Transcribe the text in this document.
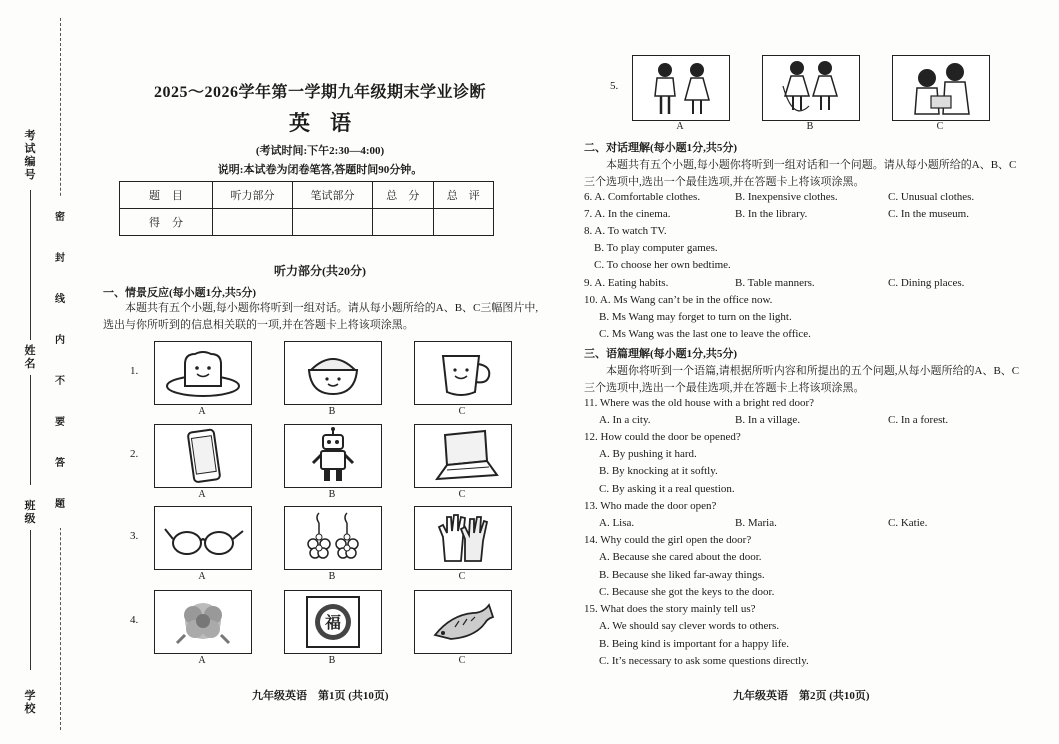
考试编号
姓名
班级
学校
密封线内不要答题
2025～2026学年第一学期九年级期末学业诊断
英语
(考试时间:下午2:30—4:00)
说明:本试卷为闭卷笔答,答题时间90分钟。
题目	听力部分	笔试部分	总　分	总　评
得分				
听力部分(共20分)
一、情景反应(每小题1分,共5分)
本题共有五个小题,每小题你将听到一组对话。请从每小题所给的A、B、C三幅图片中,选出与你所听到的信息相关联的一项,并在答题卡上将该项涂黑。
1.
A	B	C
2.
A	B	C
3.
A	B	C
4.	福
A	B	C
九年级英语　第1页 (共10页)
5.
A	B	C
二、对话理解(每小题1分,共5分)
本题共有五个小题,每小题你将听到一组对话和一个问题。请从每小题所给的A、B、C
三个选项中,选出一个最佳选项,并在答题卡上将该项涂黑。
6. A. Comfortable clothes.	B. Inexpensive clothes.	C. Unusual clothes.
7. A. In the cinema.	B. In the library.	C. In the museum.
8. A. To watch TV.
B. To play computer games.
C. To choose her own bedtime.
9. A. Eating habits.	B. Table manners.	C. Dining places.
10. A. Ms Wang can’t be in the office now.
B. Ms Wang may forget to turn on the light.
C. Ms Wang was the last one to leave the office.
三、语篇理解(每小题1分,共5分)
本题你将听到一个语篇,请根据所听内容和所提出的五个问题,从每小题所给的A、B、C
三个选项中,选出一个最佳选项,并在答题卡上将该项涂黑。
11. Where was the old house with a bright red door?
A. In a city.	B. In a village.	C. In a forest.
12. How could the door be opened?
A. By pushing it hard.
B. By knocking at it softly.
C. By asking it a real question.
13. Who made the door open?
A. Lisa.	B. Maria.	C. Katie.
14. Why could the girl open the door?
A. Because she cared about the door.
B. Because she liked far-away things.
C. Because she got the keys to the door.
15. What does the story mainly tell us?
A. We should say clever words to others.
B. Being kind is important for a happy life.
C. It’s necessary to ask some questions directly.
九年级英语　第2页 (共10页)
